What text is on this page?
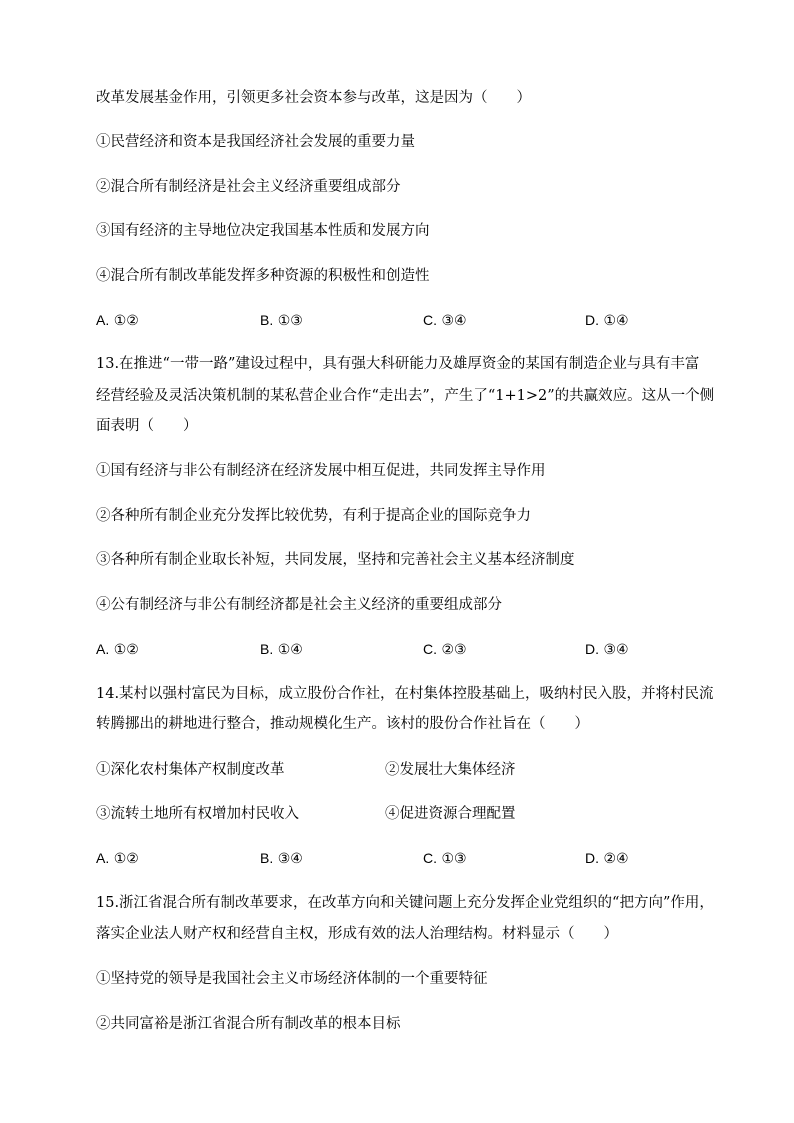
改革发展基金作用，引领更多社会资本参与改革，这是因为（　　）
①民营经济和资本是我国经济社会发展的重要力量
②混合所有制经济是社会主义经济重要组成部分
③国有经济的主导地位决定我国基本性质和发展方向
④混合所有制改革能发挥多种资源的积极性和创造性
A. ①②	B. ①③	C. ③④	D. ①④
13.在推进“一带一路”建设过程中，具有强大科研能力及雄厚资金的某国有制造企业与具有丰富
经营经验及灵活决策机制的某私营企业合作“走出去”，产生了“1+1>2”的共赢效应。这从一个侧
面表明（　　）
①国有经济与非公有制经济在经济发展中相互促进，共同发挥主导作用
②各种所有制企业充分发挥比较优势，有利于提高企业的国际竞争力
③各种所有制企业取长补短，共同发展，坚持和完善社会主义基本经济制度
④公有制经济与非公有制经济都是社会主义经济的重要组成部分
A. ①②	B. ①④	C. ②③	D. ③④
14.某村以强村富民为目标，成立股份合作社，在村集体控股基础上，吸纳村民入股，并将村民流
转腾挪出的耕地进行整合，推动规模化生产。该村的股份合作社旨在（　　）
①深化农村集体产权制度改革	②发展壮大集体经济
③流转土地所有权增加村民收入	④促进资源合理配置
A. ①②	B. ③④	C. ①③	D. ②④
15.浙江省混合所有制改革要求，在改革方向和关键问题上充分发挥企业党组织的“把方向”作用，
落实企业法人财产权和经营自主权，形成有效的法人治理结构。材料显示（　　）
①坚持党的领导是我国社会主义市场经济体制的一个重要特征
②共同富裕是浙江省混合所有制改革的根本目标
